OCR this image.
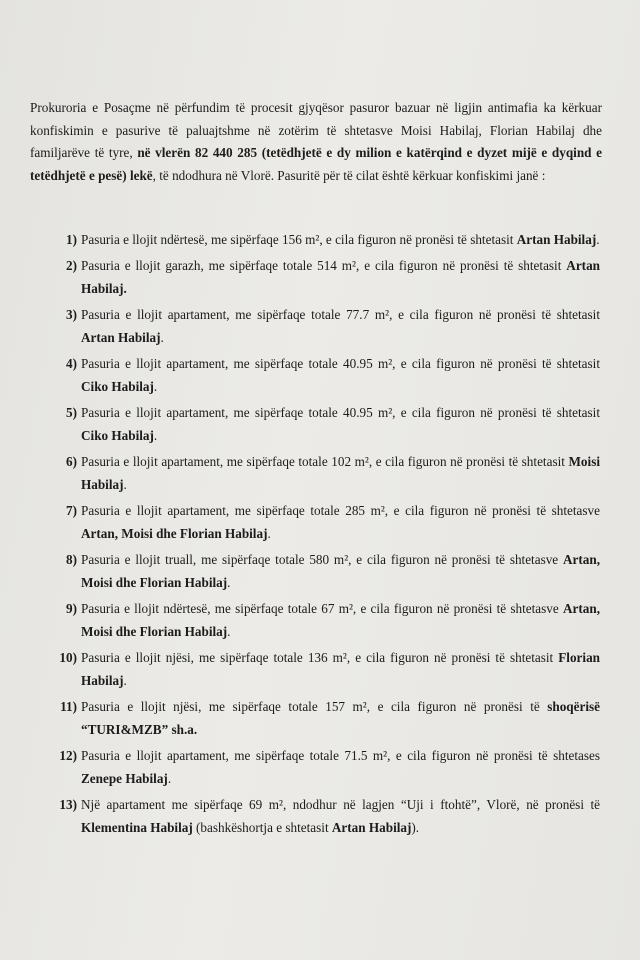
Prokuroria e Posaçme në përfundim të procesit gjyqësor pasuror bazuar në ligjin antimafia ka kërkuar konfiskimin e pasurive të paluajtshme në zotërim të shtetasve Moisi Habilaj, Florian Habilaj dhe familjarëve të tyre, në vlerën 82 440 285 (tetëdhjetë e dy milion e katërqind e dyzet mijë e dyqind e tetëdhjetë e pesë) lekë, të ndodhura në Vlorë. Pasuritë për të cilat është kërkuar konfiskimi janë :

1) Pasuria e llojit ndërtesë, me sipërfaqe 156 m², e cila figuron në pronësi të shtetasit Artan Habilaj.
2) Pasuria e llojit garazh, me sipërfaqe totale 514 m², e cila figuron në pronësi të shtetasit Artan Habilaj.
3) Pasuria e llojit apartament, me sipërfaqe totale 77.7 m², e cila figuron në pronësi të shtetasit Artan Habilaj.
4) Pasuria e llojit apartament, me sipërfaqe totale 40.95 m², e cila figuron në pronësi të shtetasit Ciko Habilaj.
5) Pasuria e llojit apartament, me sipërfaqe totale 40.95 m², e cila figuron në pronësi të shtetasit Ciko Habilaj.
6) Pasuria e llojit apartament, me sipërfaqe totale 102 m², e cila figuron në pronësi të shtetasit Moisi Habilaj.
7) Pasuria e llojit apartament, me sipërfaqe totale 285 m², e cila figuron në pronësi të shtetasve Artan, Moisi dhe Florian Habilaj.
8) Pasuria e llojit truall, me sipërfaqe totale 580 m², e cila figuron në pronësi të shtetasve Artan, Moisi dhe Florian Habilaj.
9) Pasuria e llojit ndërtesë, me sipërfaqe totale 67 m², e cila figuron në pronësi të shtetasve Artan, Moisi dhe Florian Habilaj.
10) Pasuria e llojit njësi, me sipërfaqe totale 136 m², e cila figuron në pronësi të shtetasit Florian Habilaj.
11) Pasuria e llojit njësi, me sipërfaqe totale 157 m², e cila figuron në pronësi të shoqërisë “TURI&MZB” sh.a.
12) Pasuria e llojit apartament, me sipërfaqe totale 71.5 m², e cila figuron në pronësi të shtetases Zenepe Habilaj.
13) Një apartament me sipërfaqe 69 m², ndodhur në lagjen “Uji i ftohtë”, Vlorë, në pronësi të Klementina Habilaj (bashkëshortja e shtetasit Artan Habilaj).
